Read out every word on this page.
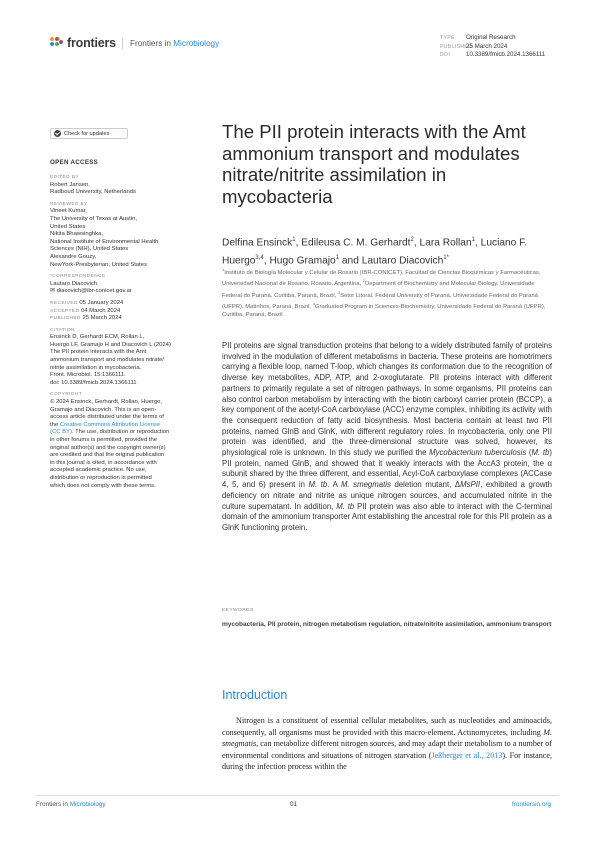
frontiers Frontiers in Microbiology
TYPE Original Research
PUBLISHED25 March 2024
DOI	10.3389/fmicb.2024.1366111
Check for updates
OPEN ACCESS
EDITED BY
Robert Jansen,
Radboud University, Netherlands
REVIEWED BY
Vineet Kumar,
The University of Texas at Austin,
United States
Nikita Bhawsinghka,
National Institute of Environmental Health
Sciences (NIH), United States
Alexandre Gouzy,
NewYork-Presbyterian, United States
*CORRESPONDENCE
Lautaro Diacovich
✉ diacovich@ibr-conicet.gov.ar
RECEIVED 05 January 2024
ACCEPTED 04 March 2024
PUBLISHED 25 March 2024
CITATION
Ensinck D, Gerhardt ECM, Rollan L,
Huergo LF, Gramajo H and Diacovich L (2024)
The PII protein interacts with the Amt
ammonium transport and modulates nitrate/
nitrite assimilation in mycobacteria.
Front. Microbiol. 15:1366111.
doi: 10.3389/fmicb.2024.1366111
COPYRIGHT
© 2024 Ensinck, Gerhardt, Rollan, Huergo,
Gramajo and Diacovich. This is an open-
access article distributed under the terms of
the Creative Commons Attribution License
(CC BY). The use, distribution or reproduction
in other forums is permitted, provided the
original author(s) and the copyright owner(s)
are credited and that the original publication
in this journal is cited, in accordance with
accepted academic practice. No use,
distribution or reproduction is permitted
which does not comply with these terms.
The PII protein interacts with the Amt ammonium transport and modulates nitrate/nitrite assimilation in mycobacteria
Delfina Ensinck$^1$, Edileusa C. M. Gerhardt$^2$, Lara Rollan$^1$, Luciano F. Huergo$^{3,4}$, Hugo Gramajo$^1$ and Lautaro Diacovich$^{1*}$
$^1$Instituto de Biología Molecular y Celular de Rosario (IBR-CONICET), Facultad de Ciencias Bioquímicas y Farmacéuticas, Universidad Nacional de Rosario, Rosario, Argentina, $^2$Department of Biochemistry and Molecular Biology, Universidade Federal do Paraná, Curitiba, Paraná, Brazil, $^3$Setor Litoral, Federal University of Paraná, Universidade Federal do Paraná (UFPR), Matinhos, Paraná, Brazil, $^4$Graduated Program in Sciences-Biochemistry, Universidade Federal do Paraná (UFPR), Curitiba, Paraná, Brazil
PII proteins are signal transduction proteins that belong to a widely distributed family of proteins involved in the modulation of different metabolisms in bacteria. These proteins are homotrimers carrying a flexible loop, named T-loop, which changes its conformation due to the recognition of diverse key metabolites, ADP, ATP, and 2-oxoglutarate. PII proteins interact with different partners to primarily regulate a set of nitrogen pathways. In some organisms, PII proteins can also control carbon metabolism by interacting with the biotin carboxyl carrier protein (BCCP), a key component of the acetyl-CoA carboxylase (ACC) enzyme complex, inhibiting its activity with the consequent reduction of fatty acid biosynthesis. Most bacteria contain at least two PII proteins, named GlnB and GlnK, with different regulatory roles. In mycobacteria, only one PII protein was identified, and the three-dimensional structure was solved, however, its physiological role is unknown. In this study we purified the Mycobacterium tuberculosis (M. tb) PII protein, named GlnB, and showed that it weakly interacts with the AccA3 protein, the α subunit shared by the three different, and essential, Acyl-CoA carboxylase complexes (ACCase 4, 5, and 6) present in M. tb. A M. smegmatis deletion mutant, ΔMsPII, exhibited a growth deficiency on nitrate and nitrite as unique nitrogen sources, and accumulated nitrite in the culture supernatant. In addition, M. tb PII protein was also able to interact with the C-terminal domain of the ammonium transporter Amt establishing the ancestral role for this PII protein as a GlnK functioning protein.
KEYWORDS
mycobacteria, PII protein, nitrogen metabolism regulation, nitrate/nitrite assimilation, ammonium transport
Introduction

Nitrogen is a constituent of essential cellular metabolites, such as nucleotides and aminoacids, consequently, all organisms must be provided with this macro-element. Actinomycetes, including M. smegmatis, can metabolize different nitrogen sources, and may adapt their metabolism to a number of environmental conditions and situations of nitrogen starvation (Jeßberger et al., 2013). For instance, during the infection process within the

Frontiers in Microbiology	01	frontiersin.org
